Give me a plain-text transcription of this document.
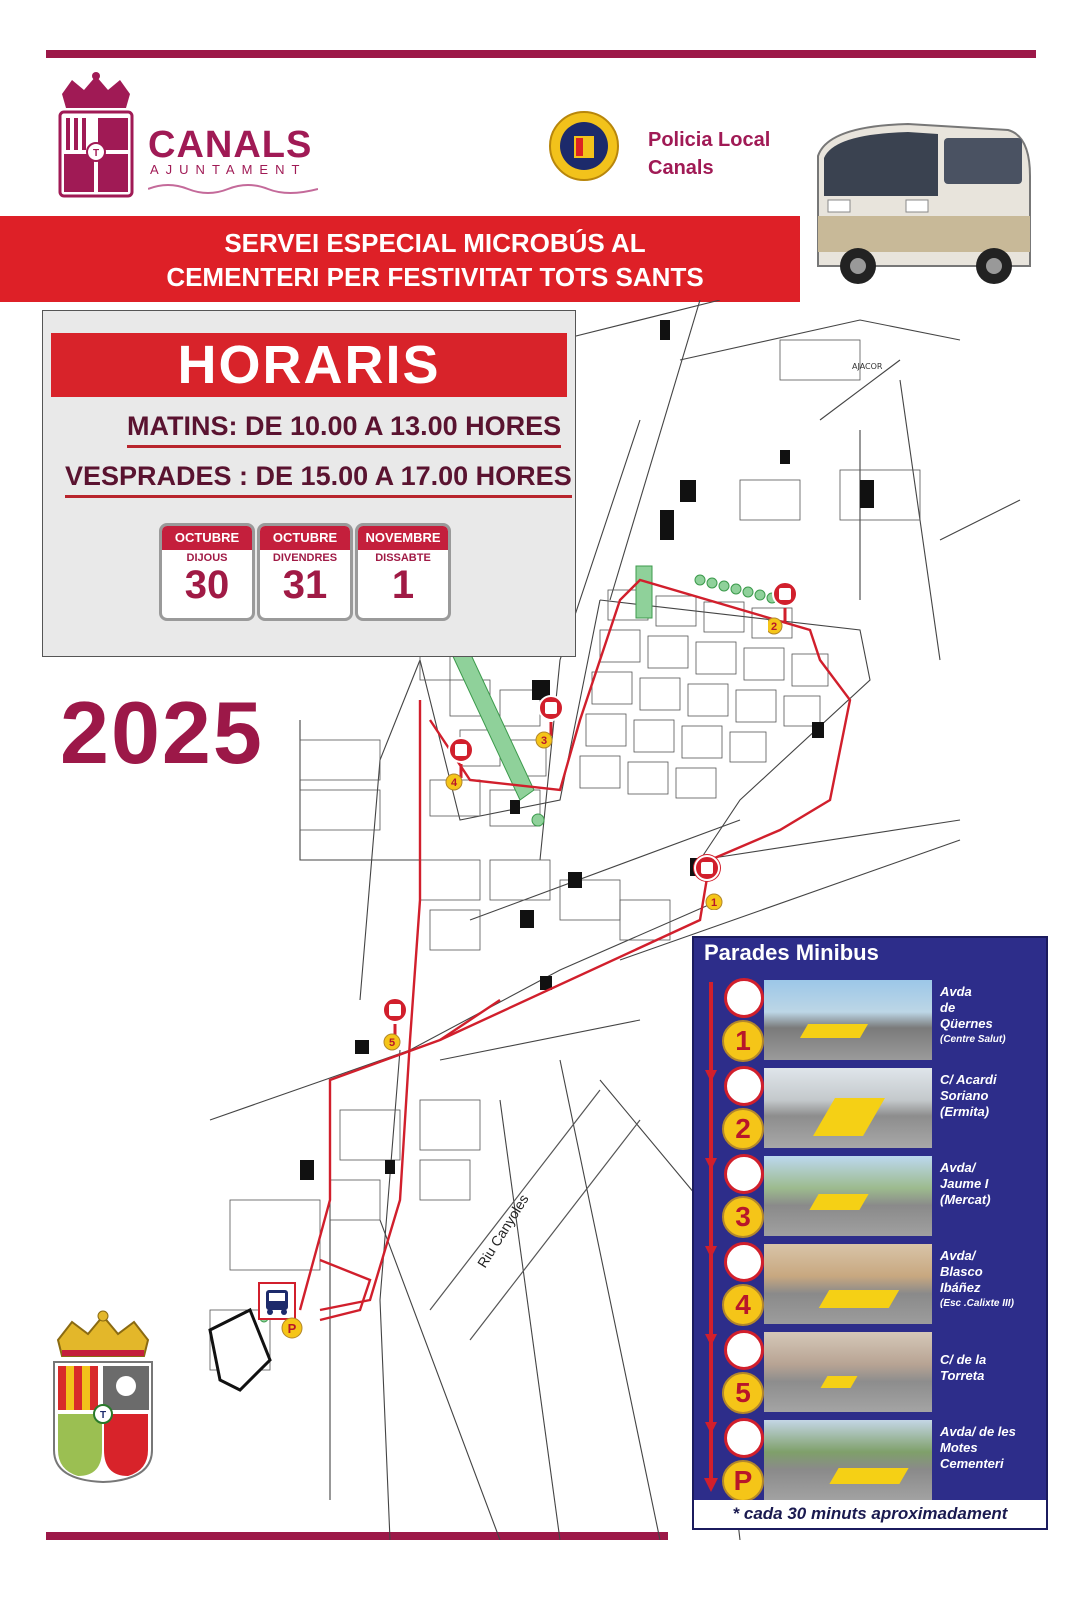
T CANALS
AJUNTAMENT
Policia Local
Canals
SERVEI ESPECIAL MICROBÚS AL
CEMENTERI PER FESTIVITAT TOTS SANTS
AJACOR
Riu Canyoles
1
2
3
4
5
P
HORARIS
MATINS: DE 10.00 A 13.00 HORES
VESPRADES : DE 15.00 A 17.00 HORES
OCTUBRE
DIJOUS
30
OCTUBRE
DIVENDRES
31
NOVEMBRE
DISSABTE
1
2025
Parades Minibus
1
Avda
de
Qüernes
(Centre Salut)
2
C/ Acardi
Soriano
(Ermita)
3
Avda/
Jaume I
(Mercat)
4
Avda/
Blasco
Ibáñez
(Esc .Calixte III)
5
C/ de la
Torreta
P
Avda/ de les
Motes
Cementeri
* cada 30 minuts aproximadament
T
